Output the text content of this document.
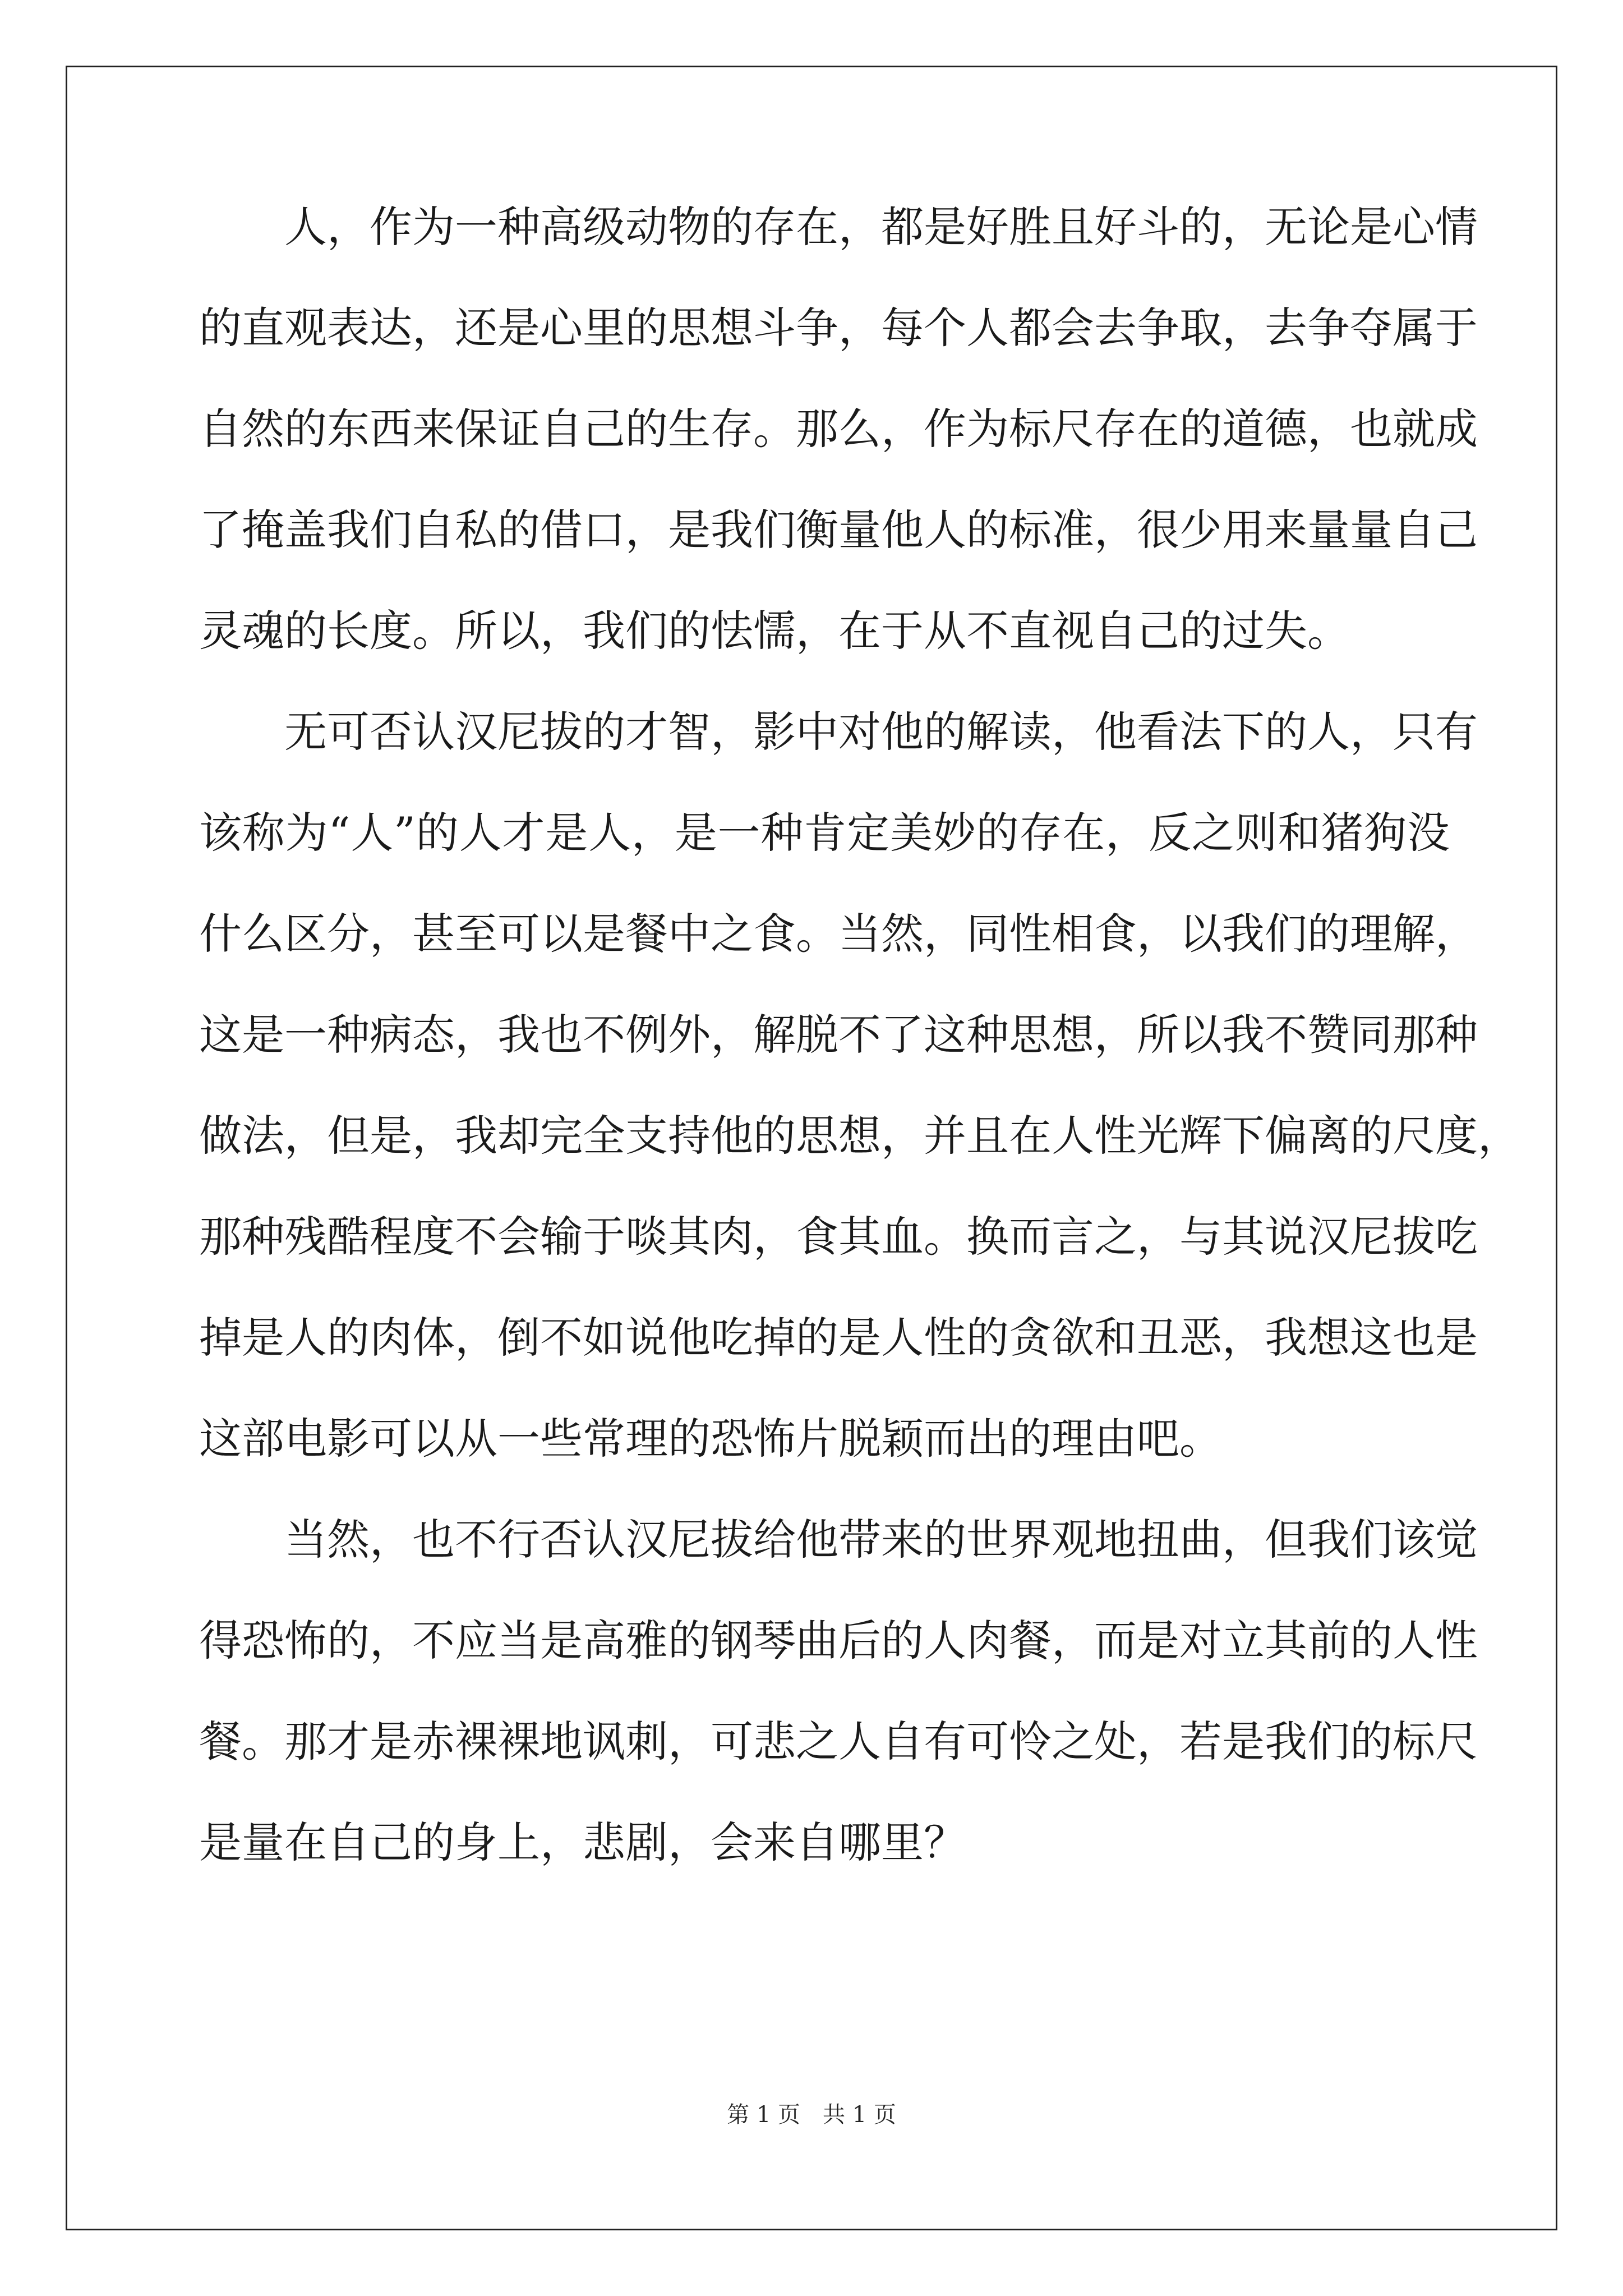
人，作为一种高级动物的存在，都是好胜且好斗的，无论是心情
的直观表达，还是心里的思想斗争，每个人都会去争取，去争夺属于
自然的东西来保证自己的生存。那么，作为标尺存在的道德，也就成
了掩盖我们自私的借口，是我们衡量他人的标准，很少用来量量自己
灵魂的长度。所以，我们的怯懦，在于从不直视自己的过失。
无可否认汉尼拔的才智，影中对他的解读，他看法下的人，只有
该称为“人”的人才是人，是一种肯定美妙的存在，反之则和猪狗没
什么区分，甚至可以是餐中之食。当然，同性相食，以我们的理解，
这是一种病态，我也不例外，解脱不了这种思想，所以我不赞同那种
做法，但是，我却完全支持他的思想，并且在人性光辉下偏离的尺度，
那种残酷程度不会输于啖其肉，食其血。换而言之，与其说汉尼拔吃
掉是人的肉体，倒不如说他吃掉的是人性的贪欲和丑恶，我想这也是
这部电影可以从一些常理的恐怖片脱颖而出的理由吧。
当然，也不行否认汉尼拔给他带来的世界观地扭曲，但我们该觉
得恐怖的，不应当是高雅的钢琴曲后的人肉餐，而是对立其前的人性
餐。那才是赤裸裸地讽刺，可悲之人自有可怜之处，若是我们的标尺
是量在自己的身上，悲剧，会来自哪里？
第 1 页　共 1 页
